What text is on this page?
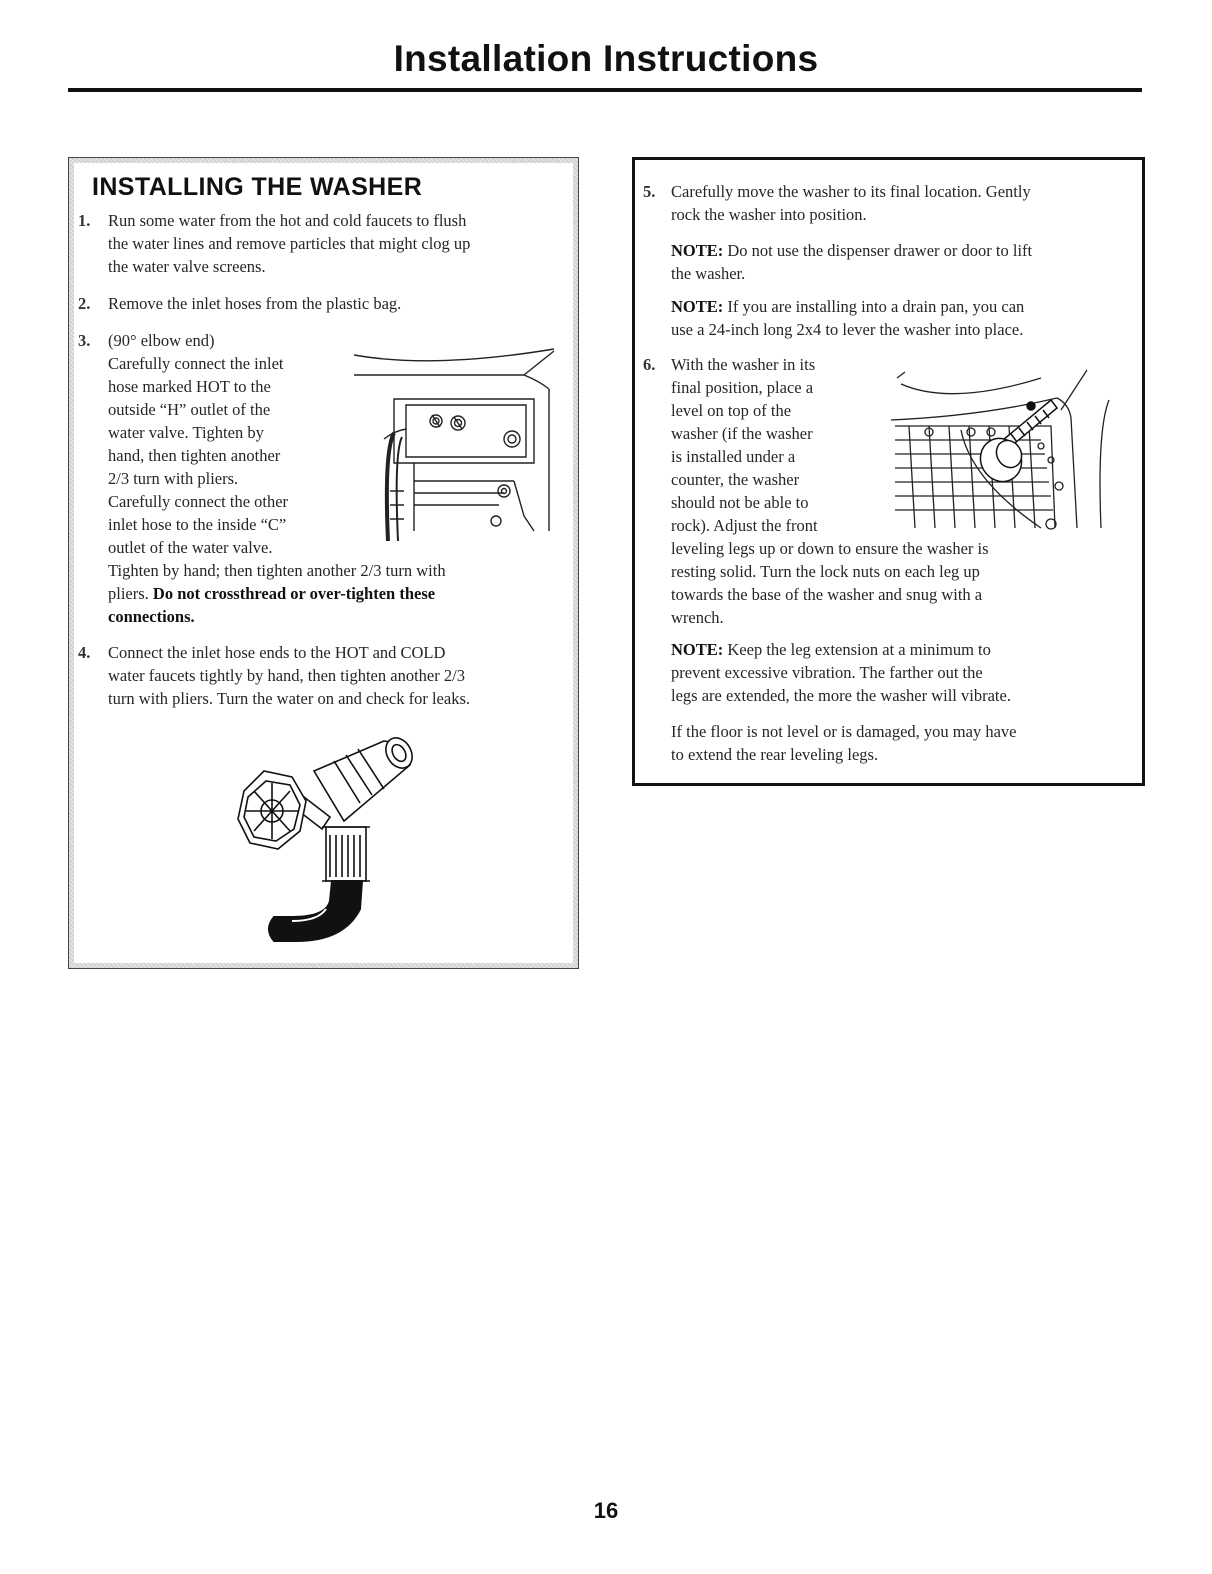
Installation Instructions
INSTALLING THE WASHER
1. Run some water from the hot and cold faucets to flush
the water lines and remove particles that might clog up
the water valve screens.
2. Remove the inlet hoses from the plastic bag.
3. (90° elbow end)
Carefully connect the inlet
hose marked HOT to the
outside “H” outlet of the
water valve. Tighten by
hand, then tighten another
2/3 turn with pliers.
Carefully connect the other
inlet hose to the inside “C”
outlet of the water valve.
Tighten by hand; then tighten another 2/3 turn with
pliers. Do not crossthread or over-tighten these
connections.
4. Connect the inlet hose ends to the HOT and COLD
water faucets tightly by hand, then tighten another 2/3
turn with pliers. Turn the water on and check for leaks.
5. Carefully move the washer to its final location. Gently
rock the washer into position.
NOTE: Do not use the dispenser drawer or door to lift
the washer.
NOTE: If you are installing into a drain pan, you can
use a 24-inch long 2x4 to lever the washer into place.
6. With the washer in its
final position, place a
level on top of the
washer (if the washer
is installed under a
counter, the washer
should not be able to
rock). Adjust the front
leveling legs up or down to ensure the washer is
resting solid. Turn the lock nuts on each leg up
towards the base of the washer and snug with a
wrench.
NOTE: Keep the leg extension at a minimum to
prevent excessive vibration. The farther out the
legs are extended, the more the washer will vibrate.
If the floor is not level or is damaged, you may have
to extend the rear leveling legs.
16
